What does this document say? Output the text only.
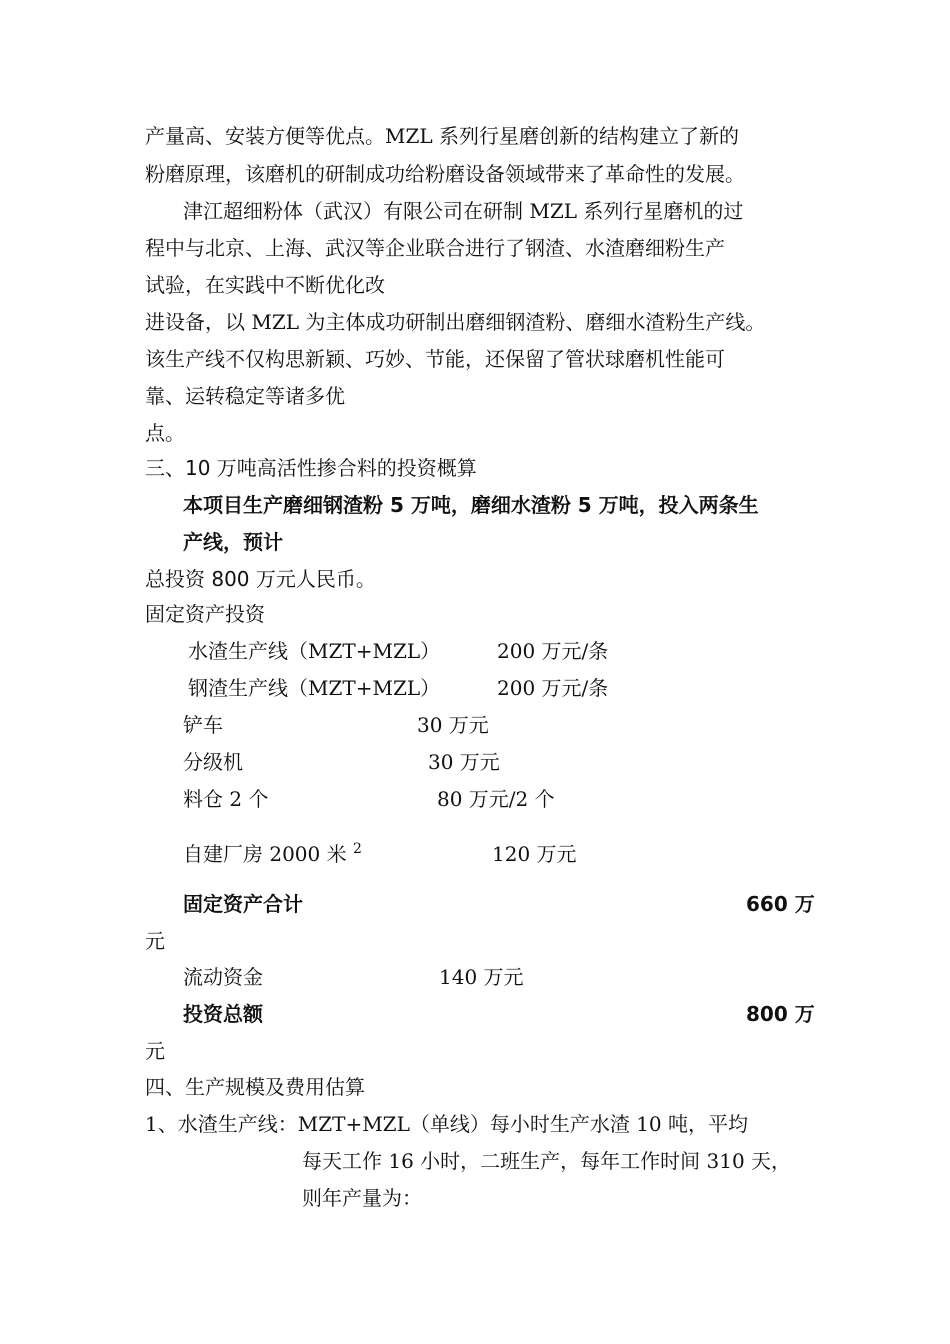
产量高、安装方便等优点。MZL 系列行星磨创新的结构建立了新的
粉磨原理，该磨机的研制成功给粉磨设备领域带来了革命性的发展。
津江超细粉体（武汉）有限公司在研制 MZL 系列行星磨机的过
程中与北京、上海、武汉等企业联合进行了钢渣、水渣磨细粉生产
试验，在实践中不断优化改
进设备，以 MZL 为主体成功研制出磨细钢渣粉、磨细水渣粉生产线。
该生产线不仅构思新颖、巧妙、节能，还保留了管状球磨机性能可
靠、运转稳定等诸多优
点。
三、10 万吨高活性掺合料的投资概算
本项目生产磨细钢渣粉 5 万吨，磨细水渣粉 5 万吨，投入两条生
产线，预计
总投资 800 万元人民币。
固定资产投资
水渣生产线（MZT+MZL）	200 万元/条
钢渣生产线（MZT+MZL）	200 万元/条
铲车	30 万元
分级机	30 万元
料仓 2 个	80 万元/2 个
自建厂房 2000 米 $^2$	120 万元
固定资产合计	660 万
元
流动资金	140 万元
投资总额	800 万
元
四、生产规模及费用估算
1、水渣生产线：MZT+MZL（单线）每小时生产水渣 10 吨，平均
每天工作 16 小时，二班生产，每年工作时间 310 天，
则年产量为：
